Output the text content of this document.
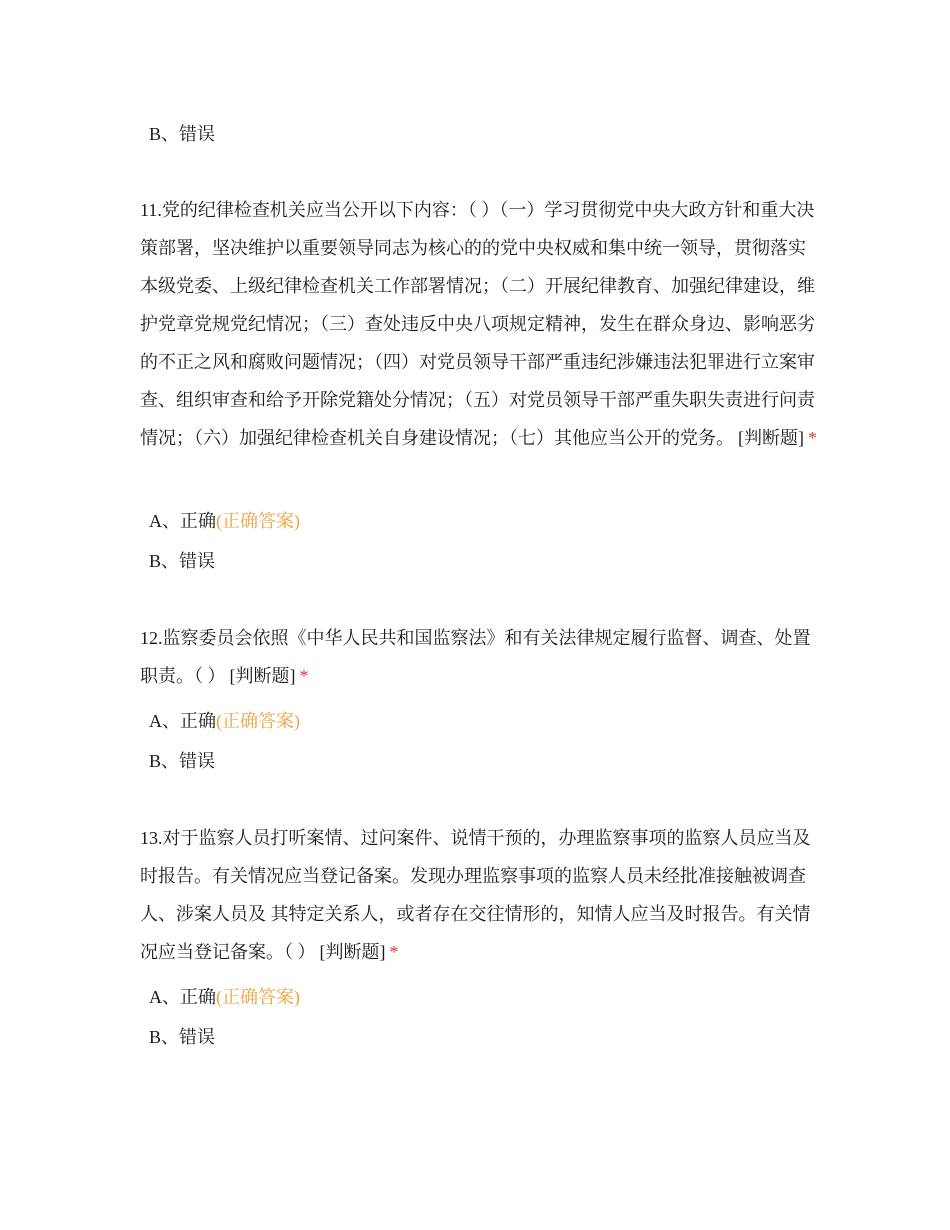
B、错误
11.党的纪律检查机关应当公开以下内容：（ ）（一）学习贯彻党中央大政方针和重大决策部署，坚决维护以重要领导同志为核心的的党中央权威和集中统一领导，贯彻落实本级党委、上级纪律检查机关工作部署情况；（二）开展纪律教育、加强纪律建设，维护党章党规党纪情况；（三）查处违反中央八项规定精神，发生在群众身边、影响恶劣的不正之风和腐败问题情况；（四）对党员领导干部严重违纪涉嫌违法犯罪进行立案审查、组织审查和给予开除党籍处分情况；（五）对党员领导干部严重失职失责进行问责情况；（六）加强纪律检查机关自身建设情况；（七）其他应当公开的党务。 [判断题] *
A、正确(正确答案)
B、错误
12.监察委员会依照《中华人民共和国监察法》和有关法律规定履行监督、调查、处置职责。（ ） [判断题] *
A、正确(正确答案)
B、错误
13.对于监察人员打听案情、过问案件、说情干预的，办理监察事项的监察人员应当及时报告。有关情况应当登记备案。发现办理监察事项的监察人员未经批准接触被调查人、涉案人员及 其特定关系人，或者存在交往情形的，知情人应当及时报告。有关情况应当登记备案。（ ） [判断题] *
A、正确(正确答案)
B、错误
